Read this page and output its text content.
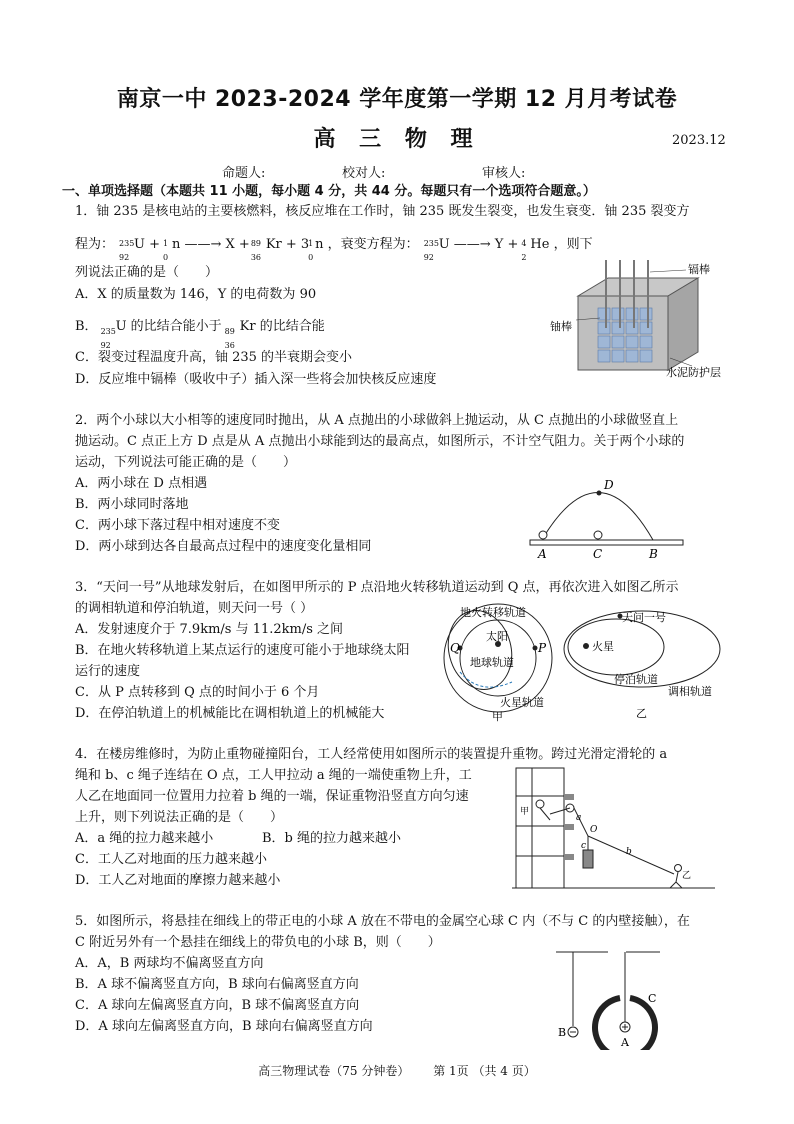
南京一中 2023-2024 学年度第一学期 12 月月考试卷
高 三 物 理	2023.12
命题人:	校对人:	审核人:
一、单项选择题（本题共 11 小题，每小题 4 分，共 44 分。每题只有一个选项符合题意。）
1．铀 235 是核电站的主要核燃料，核反应堆在工作时，铀 235 既发生裂变，也发生衰变．铀 235 裂变方
程为： 235
92
U + 1
0
n ——→ X + 89
36
Kr + 3 1
0
n ，衰变方程为： 235
92
U ——→ Y + 4
2
He ，则下
列说法正确的是（　　）
A．X 的质量数为 146，Y 的电荷数为 90
B． 235
92
U 的比结合能小于 89
36
Kr 的比结合能
C．裂变过程温度升高，铀 235 的半衰期会变小
D．反应堆中镉棒（吸收中子）插入深一些将会加快核反应速度
镉棒
铀棒
水泥防护层
2．两个小球以大小相等的速度同时抛出，从 A 点抛出的小球做斜上抛运动，从 C 点抛出的小球做竖直上
抛运动。C 点正上方 D 点是从 A 点抛出小球能到达的最高点，如图所示，不计空气阻力。关于两个小球的
运动，下列说法可能正确的是（　　）
A．两小球在 D 点相遇
B．两小球同时落地
C．两小球下落过程中相对速度不变
D．两小球到达各自最高点过程中的速度变化量相同
D
A	C	B
3．“天问一号”从地球发射后，在如图甲所示的 P 点沿地火转移轨道运动到 Q 点，再依次进入如图乙所示
的调相轨道和停泊轨道，则天问一号（ ）
A．发射速度介于 7.9km/s 与 11.2km/s 之间
B．在地火转移轨道上某点运行的速度可能小于地球绕太阳
运行的速度
C．从 P 点转移到 Q 点的时间小于 6 个月
D．在停泊轨道上的机械能比在调相轨道上的机械能大
地火转移轨道
太阳
地球轨道
火星轨道
Q	P
甲
天问一号
火星
停泊轨道
调相轨道
乙
4．在楼房维修时，为防止重物碰撞阳台，工人经常使用如图所示的装置提升重物。跨过光滑定滑轮的 a
绳和 b、c 绳子连结在 O 点，工人甲拉动 a 绳的一端使重物上升，工
人乙在地面同一位置用力拉着 b 绳的一端，保证重物沿竖直方向匀速
上升，则下列说法正确的是（　　）
A．a 绳的拉力越来越小	B．b 绳的拉力越来越小
C．工人乙对地面的压力越来越小
D．工人乙对地面的摩擦力越来越小
甲
乙
a
b
c
O
5．如图所示，将悬挂在细线上的带正电的小球 A 放在不带电的金属空心球 C 内（不与 C 的内壁接触），在
C 附近另外有一个悬挂在细线上的带负电的小球 B，则（　　）
A．A，B 两球均不偏离竖直方向
B．A 球不偏离竖直方向，B 球向右偏离竖直方向
C．A 球向左偏离竖直方向，B 球不偏离竖直方向
D．A 球向左偏离竖直方向，B 球向右偏离竖直方向	B
A
C
高三物理试卷（75 分钟卷） 第 1页 （共 4 页）
